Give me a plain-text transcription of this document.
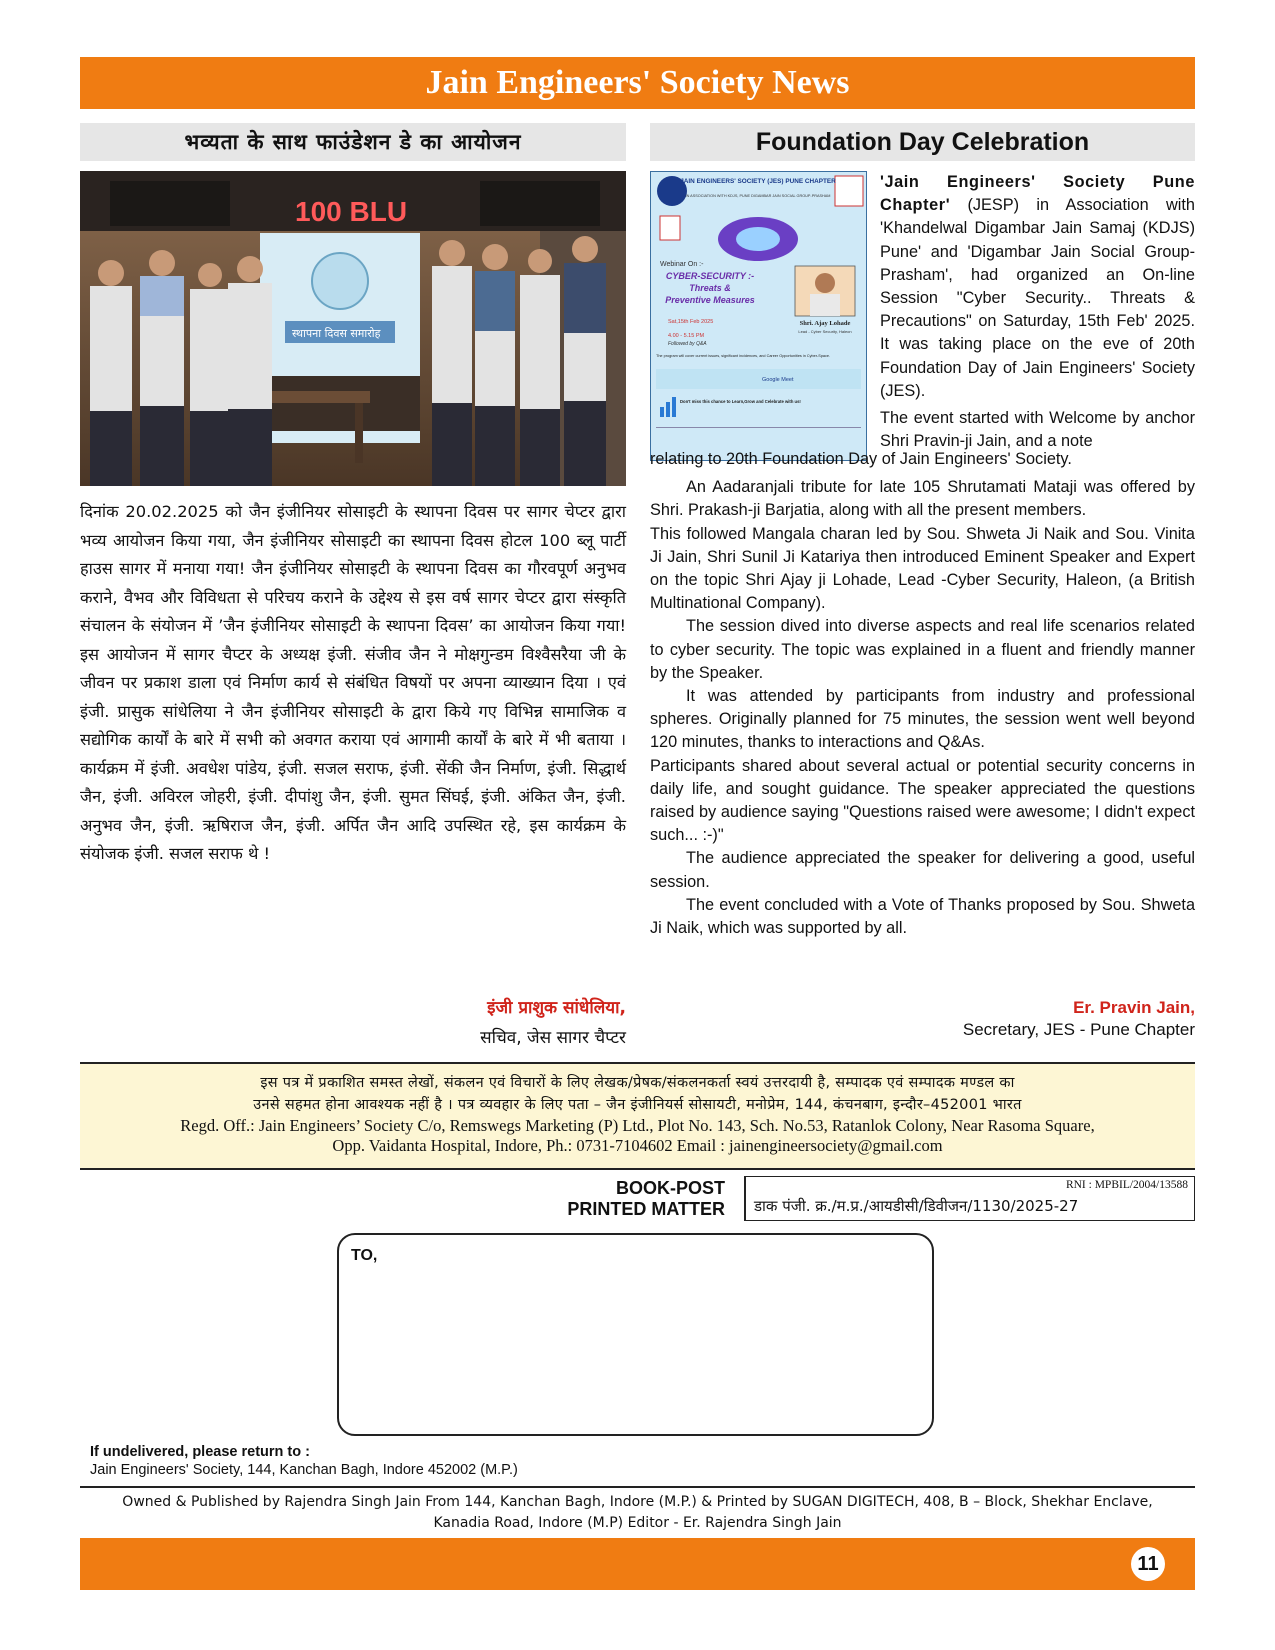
Jain Engineers' Society News
भव्यता के साथ फाउंडेशन डे का आयोजन
100 BLU
स्थापना दिवस समारोह
दिनांक 20.02.2025 को जैन इंजीनियर सोसाइटी के स्थापना दिवस पर सागर चेप्टर द्वारा भव्य आयोजन किया गया, जैन इंजीनियर सोसाइटी का स्थापना दिवस होटल 100 ब्लू पार्टी हाउस सागर में मनाया गया! जैन इंजीनियर सोसाइटी के स्थापना दिवस का गौरवपूर्ण अनुभव कराने, वैभव और विविधता से परिचय कराने के उद्देश्य से इस वर्ष सागर चेप्टर द्वारा संस्कृति संचालन के संयोजन में ’जैन इंजीनियर सोसाइटी के स्थापना दिवस’ का आयोजन किया गया! इस आयोजन में सागर चैप्टर के अध्यक्ष इंजी. संजीव जैन ने मोक्षगुन्डम विश्वैसरैया जी के जीवन पर प्रकाश डाला एवं निर्माण कार्य से संबंधित विषयों पर अपना व्याख्यान दिया । एवं इंजी. प्रासुक सांधेलिया ने जैन इंजीनियर सोसाइटी के द्वारा किये गए विभिन्न सामाजिक व सद्योगिक कार्यों के बारे में सभी को अवगत कराया एवं आगामी कार्यों के बारे में भी बताया । कार्यक्रम में इंजी. अवधेश पांडेय, इंजी. सजल सराफ, इंजी. सेंकी जैन निर्माण, इंजी. सिद्धार्थ जैन, इंजी. अविरल जोहरी, इंजी. दीपांशु जैन, इंजी. सुमत सिंघई, इंजी. अंकित जैन, इंजी. अनुभव जैन, इंजी. ऋषिराज जैन, इंजी. अर्पित जैन आदि उपस्थित रहे, इस कार्यक्रम के संयोजक इंजी. सजल सराफ थे !
इंजी प्राशुक सांधेलिया,
सचिव, जेस सागर चैप्टर
Foundation Day Celebration
JAIN ENGINEERS' SOCIETY (JES) PUNE CHAPTER
IN ASSOCIATION WITH KDJS, PUNE DIGAMBAR JAIN SOCIAL GROUP-PRASHAM
Webinar On :-
CYBER-SECURITY :-
Threats &
Preventive Measures
Sat,15th Feb 2025
4.00 - 5.15 PM
Followed by Q&A
Shri. Ajay Lohade
Lead - Cyber Security, Haleon
The program will cover current issues, significant incidences, and Career Opportunities in Cyber-Space.
Google Meet
Don't miss this chance to Learn,Grow and Celebrate with us!
'Jain Engineers' Society Pune Chapter' (JESP) in Association with 'Khandelwal Digambar Jain Samaj (KDJS) Pune' and 'Digambar Jain Social Group-Prasham', had organized an On-line Session "Cyber Security.. Threats & Precautions" on Saturday, 15th Feb' 2025. It was taking place on the eve of 20th Foundation Day of Jain Engineers' Society (JES).
The event started with Welcome by anchor Shri Pravin-ji Jain, and a note

relating to 20th Foundation Day of Jain Engineers' Society.

An Aadaranjali tribute for late 105 Shrutamati Mataji was offered by Shri. Prakash-ji Barjatia, along with all the present members.

This followed Mangala charan led by Sou. Shweta Ji Naik and Sou. Vinita Ji Jain, Shri Sunil Ji Katariya then introduced Eminent Speaker and Expert on the topic Shri Ajay ji Lohade, Lead -Cyber Security, Haleon, (a British Multinational Company).

The session dived into diverse aspects and real life scenarios related to cyber security. The topic was explained in a fluent and friendly manner by the Speaker.

It was attended by participants from industry and professional spheres. Originally planned for 75 minutes, the session went well beyond 120 minutes, thanks to interactions and Q&As.

Participants shared about several actual or potential security concerns in daily life, and sought guidance. The speaker appreciated the questions raised by audience saying "Questions raised were awesome; I didn't expect such... :-)"

The audience appreciated the speaker for delivering a good, useful session.

The event concluded with a Vote of Thanks proposed by Sou. Shweta Ji Naik, which was supported by all.

Er. Pravin Jain,
Secretary, JES - Pune Chapter
इस पत्र में प्रकाशित समस्त लेखों, संकलन एवं विचारों के लिए लेखक/प्रेषक/संकलनकर्ता स्वयं उत्तरदायी है, सम्पादक एवं सम्पादक मण्डल का
उनसे सहमत होना आवश्यक नहीं है । पत्र व्यवहार के लिए पता – जैन इंजीनियर्स सोसायटी, मनोप्रेम, 144, कंचनबाग, इन्दौर–452001 भारत
Regd. Off.: Jain Engineers’ Society C/o, Remswegs Marketing (P) Ltd., Plot No. 143, Sch. No.53, Ratanlok Colony, Near Rasoma Square,
Opp. Vaidanta Hospital, Indore, Ph.: 0731-7104602 Email : jainengineersociety@gmail.com
BOOK-POST
PRINTED MATTER
RNI : MPBIL/2004/13588
डाक पंजी. क्र./म.प्र./आयडीसी/डिवीजन/1130/2025-27
TO,
If undelivered, please return to :
Jain Engineers' Society, 144, Kanchan Bagh, Indore 452002 (M.P.)
Owned & Published by Rajendra Singh Jain From 144, Kanchan Bagh, Indore (M.P.) & Printed by SUGAN DIGITECH, 408, B – Block, Shekhar Enclave,
Kanadia Road, Indore (M.P) Editor - Er. Rajendra Singh Jain
11
